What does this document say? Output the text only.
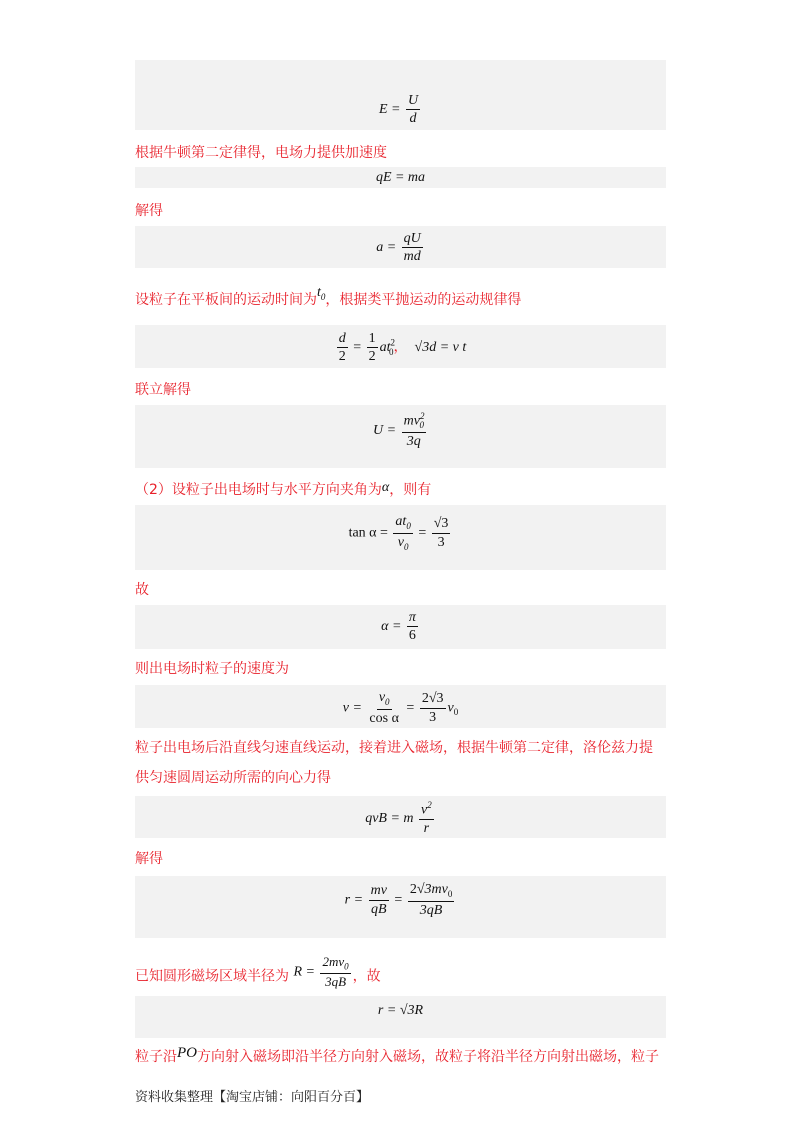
$E = \frac{U}{d}$
根据牛顿第二定律得，电场力提供加速度
qE = ma
解得
$a = \frac{qU}{md}$
设粒子在平板间的运动时间为$t_0$，根据类平抛运动的运动规律得
$\frac{d}{2} = \frac{1}{2} at^2_0$， √3d = v t
联立解得
$U = \frac{mv^2_0}{3q}$
（2）设粒子出电场时与水平方向夹角为α，则有
$\tan \alpha = \frac{at_0}{v_0} = \frac{√3}{3}$
故
$\alpha = \frac{\pi}{6}$
则出电场时粒子的速度为
$v = \frac{v_0}{\text{cos α}} = \frac{2√3}{3} v_0$
粒子出电场后沿直线匀速直线运动，接着进入磁场，根据牛顿第二定律，洛伦兹力提
供匀速圆周运动所需的向心力得
qvB = m $\frac{v^2}{r}$
解得
$r = \frac{mv}{qB} = \frac{2√3mv_0}{3qB}$
已知圆形磁场区域半径为 $R = \frac{2mv_0}{3qB}$ ，故
r = √3R
粒子沿PO方向射入磁场即沿半径方向射入磁场，故粒子将沿半径方向射出磁场，粒子
资料收集整理【淘宝店铺：向阳百分百】
